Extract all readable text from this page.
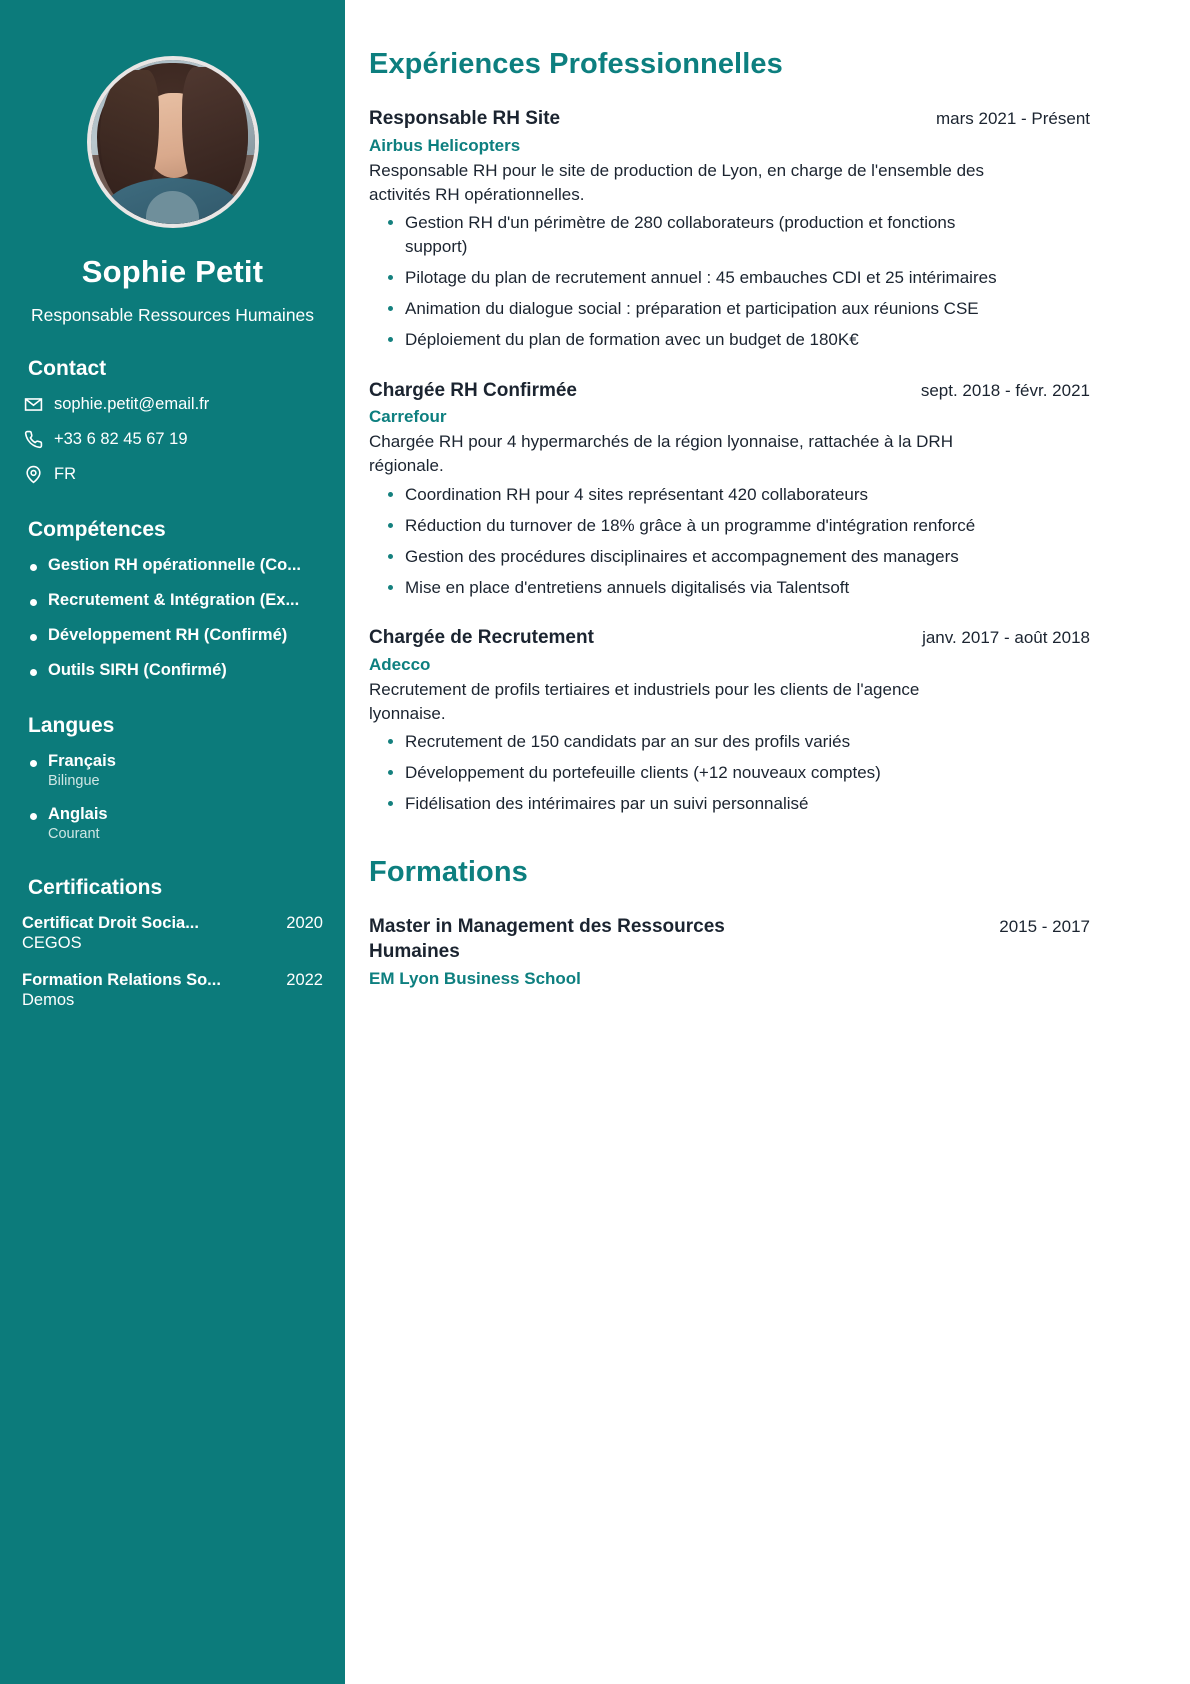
Sophie Petit
Responsable Ressources Humaines
Contact
sophie.petit@email.fr
+33 6 82 45 67 19
FR
Compétences
Gestion RH opérationnelle (Co...
Recrutement & Intégration (Ex...
Développement RH (Confirmé)
Outils SIRH (Confirmé)
Langues
Français
Bilingue
Anglais
Courant
Certifications
Certificat Droit Socia...	2020
CEGOS
Formation Relations So...	2022
Demos
Expériences Professionnelles
Responsable RH Site	mars 2021 - Présent
Airbus Helicopters

Responsable RH pour le site de production de Lyon, en charge de l'ensemble des activités RH opérationnelles.

Gestion RH d'un périmètre de 280 collaborateurs (production et fonctions support)
Pilotage du plan de recrutement annuel : 45 embauches CDI et 25 intérimaires
Animation du dialogue social : préparation et participation aux réunions CSE
Déploiement du plan de formation avec un budget de 180K€
Chargée RH Confirmée	sept. 2018 - févr. 2021
Carrefour

Chargée RH pour 4 hypermarchés de la région lyonnaise, rattachée à la DRH régionale.

Coordination RH pour 4 sites représentant 420 collaborateurs
Réduction du turnover de 18% grâce à un programme d'intégration renforcé
Gestion des procédures disciplinaires et accompagnement des managers
Mise en place d'entretiens annuels digitalisés via Talentsoft
Chargée de Recrutement	janv. 2017 - août 2018
Adecco

Recrutement de profils tertiaires et industriels pour les clients de l'agence lyonnaise.

Recrutement de 150 candidats par an sur des profils variés
Développement du portefeuille clients (+12 nouveaux comptes)
Fidélisation des intérimaires par un suivi personnalisé
Formations
Master in Management des Ressources Humaines
2015 - 2017
EM Lyon Business School
